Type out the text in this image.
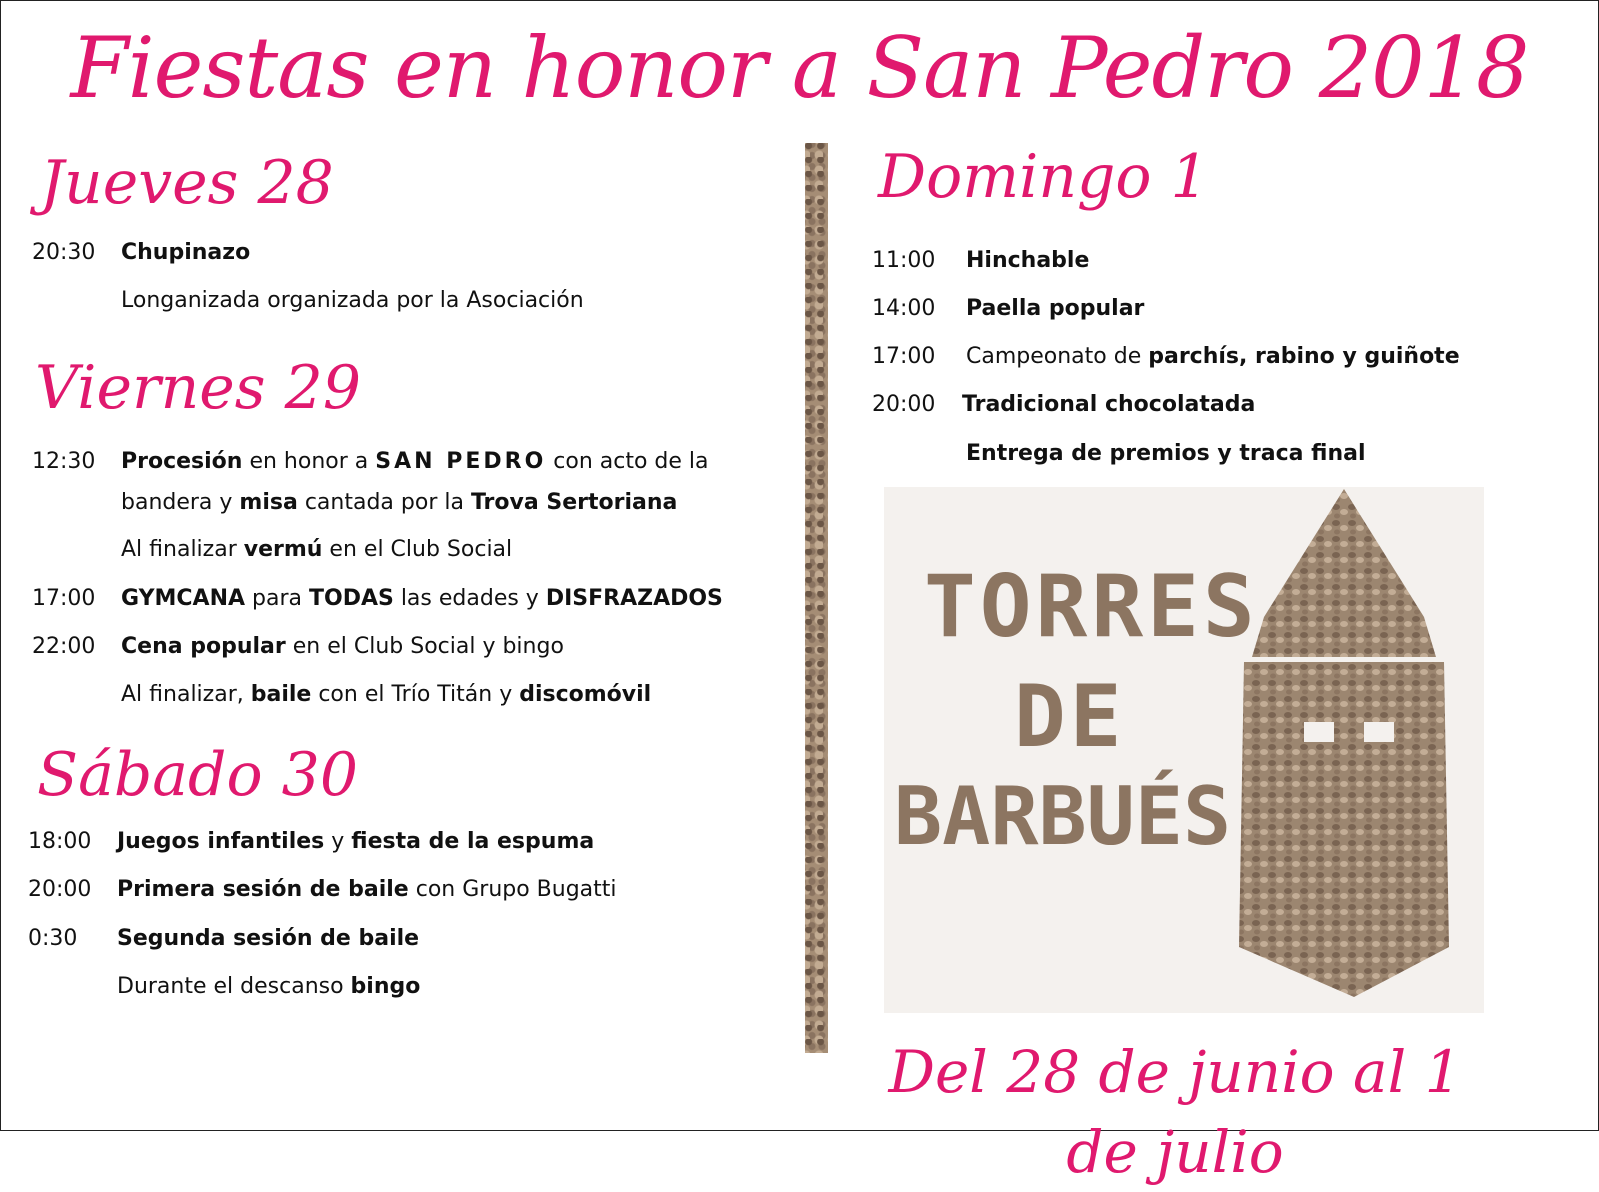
Fiestas en honor a San Pedro 2018
Jueves 28
20:30 Chupinazo
Longanizada organizada por la Asociación
Viernes 29
12:30 Procesión en honor a SAN PEDRO con acto de la
bandera y misa cantada por la Trova Sertoriana
Al finalizar vermú en el Club Social
17:00 GYMCANA para TODAS las edades y DISFRAZADOS
22:00 Cena popular en el Club Social y bingo
Al finalizar, baile con el Trío Titán y discomóvil
Sábado 30
18:00 Juegos infantiles y fiesta de la espuma
20:00 Primera sesión de baile con Grupo Bugatti
0:30 Segunda sesión de baile
Durante el descanso bingo
Domingo 1
11:00 Hinchable
14:00 Paella popular
17:00 Campeonato de parchís, rabino y guiñote
20:00 Tradicional chocolatada
Entrega de premios y traca final
TORRES
DE
BARBUÉS
Del 28 de junio al 1 de julio
